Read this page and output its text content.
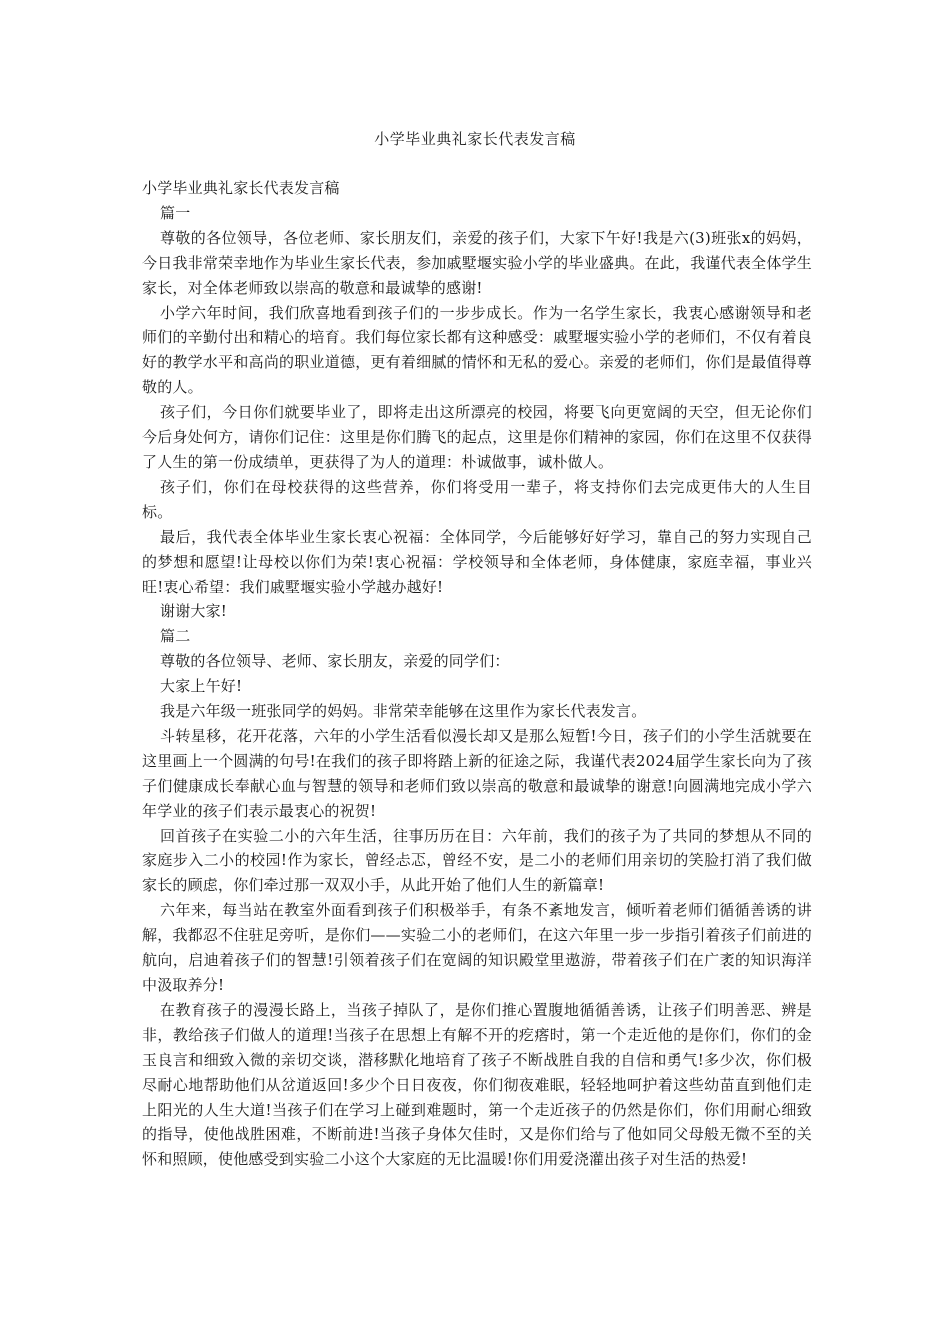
小学毕业典礼家长代表发言稿

小学毕业典礼家长代表发言稿

篇一

尊敬的各位领导，各位老师、家长朋友们，亲爱的孩子们，大家下午好!我是六(3)班张x的妈妈，今日我非常荣幸地作为毕业生家长代表，参加戚墅堰实验小学的毕业盛典。在此，我谨代表全体学生家长，对全体老师致以崇高的敬意和最诚挚的感谢!

小学六年时间，我们欣喜地看到孩子们的一步步成长。作为一名学生家长，我衷心感谢领导和老师们的辛勤付出和精心的培育。我们每位家长都有这种感受：戚墅堰实验小学的老师们，不仅有着良好的教学水平和高尚的职业道德，更有着细腻的情怀和无私的爱心。亲爱的老师们，你们是最值得尊敬的人。

孩子们，今日你们就要毕业了，即将走出这所漂亮的校园，将要飞向更宽阔的天空，但无论你们今后身处何方，请你们记住：这里是你们腾飞的起点，这里是你们精神的家园，你们在这里不仅获得了人生的第一份成绩单，更获得了为人的道理：朴诚做事，诚朴做人。

孩子们，你们在母校获得的这些营养，你们将受用一辈子，将支持你们去完成更伟大的人生目标。

最后，我代表全体毕业生家长衷心祝福：全体同学，今后能够好好学习，靠自己的努力实现自己的梦想和愿望!让母校以你们为荣!衷心祝福：学校领导和全体老师，身体健康，家庭幸福，事业兴旺!衷心希望：我们戚墅堰实验小学越办越好!

谢谢大家!

篇二

尊敬的各位领导、老师、家长朋友，亲爱的同学们：

大家上午好!

我是六年级一班张同学的妈妈。非常荣幸能够在这里作为家长代表发言。

斗转星移，花开花落，六年的小学生活看似漫长却又是那么短暂!今日，孩子们的小学生活就要在这里画上一个圆满的句号!在我们的孩子即将踏上新的征途之际，我谨代表2024届学生家长向为了孩子们健康成长奉献心血与智慧的领导和老师们致以崇高的敬意和最诚挚的谢意!向圆满地完成小学六年学业的孩子们表示最衷心的祝贺!

回首孩子在实验二小的六年生活，往事历历在目：六年前，我们的孩子为了共同的梦想从不同的家庭步入二小的校园!作为家长，曾经忐忑，曾经不安，是二小的老师们用亲切的笑脸打消了我们做家长的顾虑，你们牵过那一双双小手，从此开始了他们人生的新篇章!

六年来，每当站在教室外面看到孩子们积极举手，有条不紊地发言，倾听着老师们循循善诱的讲解，我都忍不住驻足旁听，是你们——实验二小的老师们，在这六年里一步一步指引着孩子们前进的航向，启迪着孩子们的智慧!引领着孩子们在宽阔的知识殿堂里遨游，带着孩子们在广袤的知识海洋中汲取养分!

在教育孩子的漫漫长路上，当孩子掉队了，是你们推心置腹地循循善诱，让孩子们明善恶、辨是非，教给孩子们做人的道理!当孩子在思想上有解不开的疙瘩时，第一个走近他的是你们，你们的金玉良言和细致入微的亲切交谈，潜移默化地培育了孩子不断战胜自我的自信和勇气!多少次，你们极尽耐心地帮助他们从岔道返回!多少个日日夜夜，你们彻夜难眠，轻轻地呵护着这些幼苗直到他们走上阳光的人生大道!当孩子们在学习上碰到难题时，第一个走近孩子的仍然是你们，你们用耐心细致的指导，使他战胜困难，不断前进!当孩子身体欠佳时，又是你们给与了他如同父母般无微不至的关怀和照顾，使他感受到实验二小这个大家庭的无比温暖!你们用爱浇灌出孩子对生活的热爱!
